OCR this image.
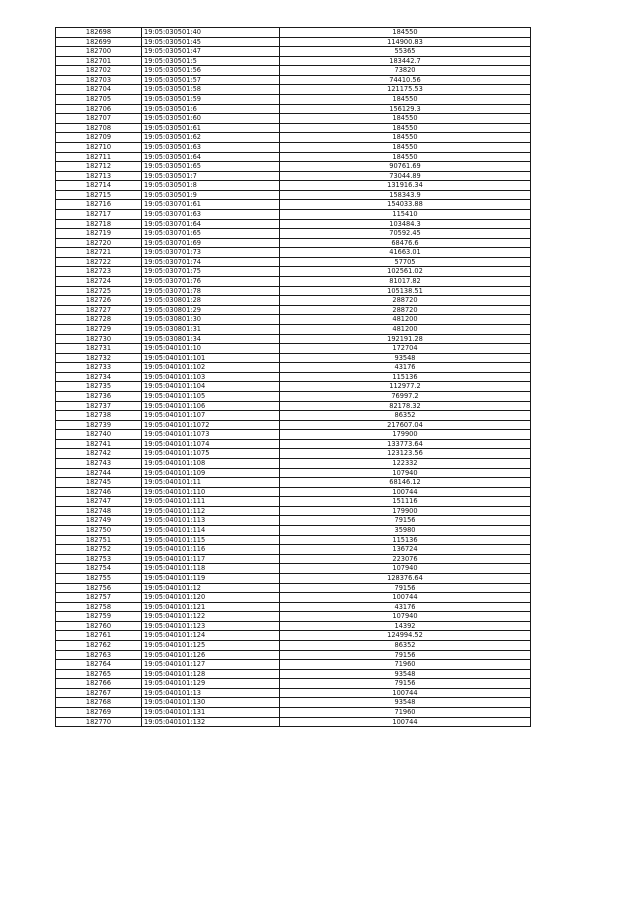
182698	19:05:030501:40	184550
182699	19:05:030501:45	114900.83
182700	19:05:030501:47	55365
182701	19:05:030501:5	183442.7
182702	19:05:030501:56	73820
182703	19:05:030501:57	74410.56
182704	19:05:030501:58	121175.53
182705	19:05:030501:59	184550
182706	19:05:030501:6	156129.3
182707	19:05:030501:60	184550
182708	19:05:030501:61	184550
182709	19:05:030501:62	184550
182710	19:05:030501:63	184550
182711	19:05:030501:64	184550
182712	19:05:030501:65	90761.69
182713	19:05:030501:7	73044.89
182714	19:05:030501:8	131916.34
182715	19:05:030501:9	158343.9
182716	19:05:030701:61	154033.88
182717	19:05:030701:63	115410
182718	19:05:030701:64	103484.3
182719	19:05:030701:65	70592.45
182720	19:05:030701:69	68476.6
182721	19:05:030701:73	41663.01
182722	19:05:030701:74	57705
182723	19:05:030701:75	102561.02
182724	19:05:030701:76	81017.82
182725	19:05:030701:78	105138.51
182726	19:05:030801:28	288720
182727	19:05:030801:29	288720
182728	19:05:030801:30	481200
182729	19:05:030801:31	481200
182730	19:05:030801:34	192191.28
182731	19:05:040101:10	172704
182732	19:05:040101:101	93548
182733	19:05:040101:102	43176
182734	19:05:040101:103	115136
182735	19:05:040101:104	112977.2
182736	19:05:040101:105	76997.2
182737	19:05:040101:106	82178.32
182738	19:05:040101:107	86352
182739	19:05:040101:1072	217607.04
182740	19:05:040101:1073	179900
182741	19:05:040101:1074	133773.64
182742	19:05:040101:1075	123123.56
182743	19:05:040101:108	122332
182744	19:05:040101:109	107940
182745	19:05:040101:11	68146.12
182746	19:05:040101:110	100744
182747	19:05:040101:111	151116
182748	19:05:040101:112	179900
182749	19:05:040101:113	79156
182750	19:05:040101:114	35980
182751	19:05:040101:115	115136
182752	19:05:040101:116	136724
182753	19:05:040101:117	223076
182754	19:05:040101:118	107940
182755	19:05:040101:119	128376.64
182756	19:05:040101:12	79156
182757	19:05:040101:120	100744
182758	19:05:040101:121	43176
182759	19:05:040101:122	107940
182760	19:05:040101:123	14392
182761	19:05:040101:124	124994.52
182762	19:05:040101:125	86352
182763	19:05:040101:126	79156
182764	19:05:040101:127	71960
182765	19:05:040101:128	93548
182766	19:05:040101:129	79156
182767	19:05:040101:13	100744
182768	19:05:040101:130	93548
182769	19:05:040101:131	71960
182770	19:05:040101:132	100744
